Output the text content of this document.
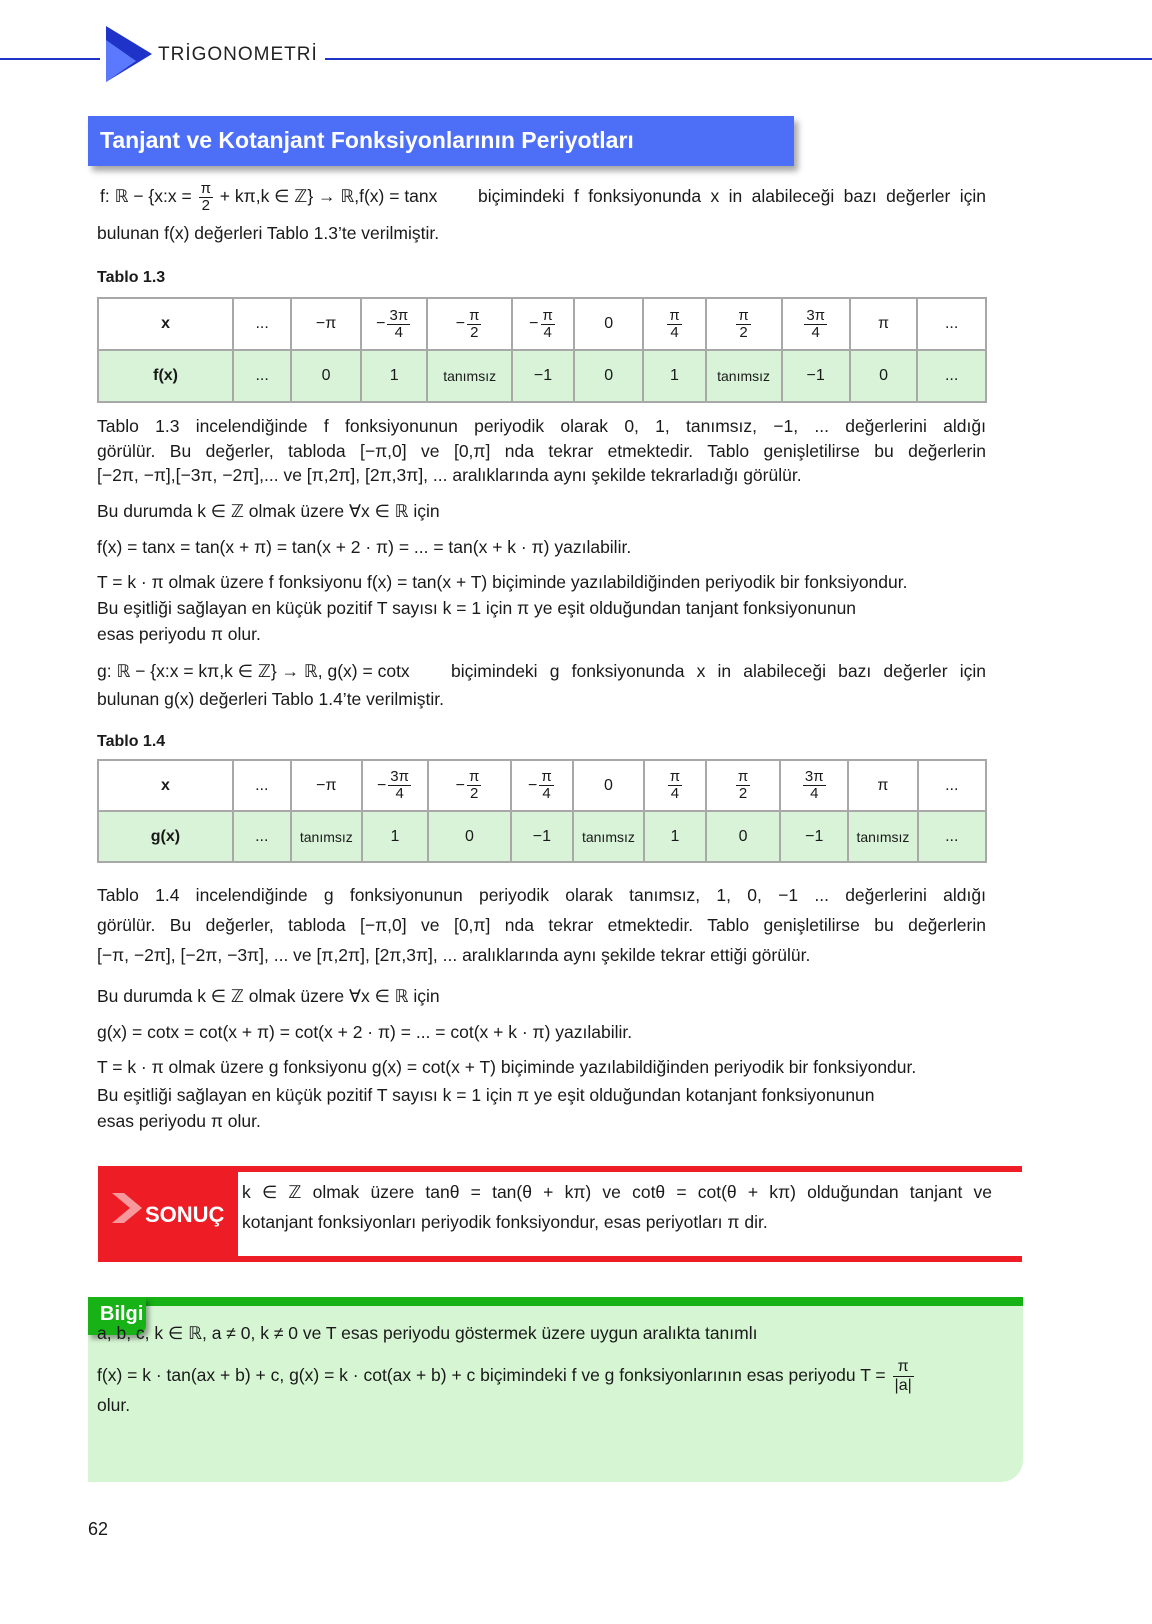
TRİGONOMETRİ
Tanjant ve Kotanjant Fonksiyonlarının Periyotları
f: ℝ − {x:x = $\frac{\pi}{2} + k\pi,k$ ∈ ℤ} → ℝ,f(x) = tanx biçimindeki f fonksiyonunda x in alabileceği bazı değerler için
bulunan f(x) değerleri Tablo 1.3’te verilmiştir.
Tablo 1.3
x	...	−π	− $\frac{3\pi}{4}$	− $\frac{\pi}{2}$	− $\frac{\pi}{4}$	0	$\frac{\pi}{4}$	$\frac{\pi}{2}$	$\frac{3\pi}{4}$	π	...
f(x)	...	0	1	tanımsız	−1	0	1	tanımsız	−1	0	...
Tablo 1.3 incelendiğinde f fonksiyonunun periyodik olarak 0, 1, tanımsız, −1, ... değerlerini aldığı
görülür. Bu değerler, tabloda [−π,0] ve [0,π] nda tekrar etmektedir. Tablo genişletilirse bu değerlerin
[−2π, −π],[−3π, −2π],... ve [π,2π], [2π,3π], ... aralıklarında aynı şekilde tekrarladığı görülür.
Bu durumda k ∈ ℤ olmak üzere ∀x ∈ ℝ için
f(x) = tanx = tan(x + π) = tan(x + 2 · π) = ... = tan(x + k · π) yazılabilir.
T = k · π olmak üzere f fonksiyonu f(x) = tan(x + T) biçiminde yazılabildiğinden periyodik bir fonksiyondur.
Bu eşitliği sağlayan en küçük pozitif T sayısı k = 1 için π ye eşit olduğundan tanjant fonksiyonunun
esas periyodu π olur.
g: ℝ − {x:x = kπ,k ∈ ℤ} → ℝ, g(x) = cotx biçimindeki g fonksiyonunda x in alabileceği bazı değerler için
bulunan g(x) değerleri Tablo 1.4’te verilmiştir.
Tablo 1.4
x	...	−π	− $\frac{3\pi}{4}$	− $\frac{\pi}{2}$	− $\frac{\pi}{4}$	0	$\frac{\pi}{4}$	$\frac{\pi}{2}$	$\frac{3\pi}{4}$	π	...
g(x)	...	tanımsız	1	0	−1	tanımsız	1	0	−1	tanımsız	...
Tablo 1.4 incelendiğinde g fonksiyonunun periyodik olarak tanımsız, 1, 0, −1 ... değerlerini aldığı
görülür. Bu değerler, tabloda [−π,0] ve [0,π] nda tekrar etmektedir. Tablo genişletilirse bu değerlerin
[−π, −2π], [−2π, −3π], ... ve [π,2π], [2π,3π], ... aralıklarında aynı şekilde tekrar ettiği görülür.
Bu durumda k ∈ ℤ olmak üzere ∀x ∈ ℝ için
g(x) = cotx = cot(x + π) = cot(x + 2 · π) = ... = cot(x + k · π) yazılabilir.
T = k · π olmak üzere g fonksiyonu g(x) = cot(x + T) biçiminde yazılabildiğinden periyodik bir fonksiyondur.
Bu eşitliği sağlayan en küçük pozitif T sayısı k = 1 için π ye eşit olduğundan kotanjant fonksiyonunun
esas periyodu π olur.
SONUÇ
k ∈ ℤ olmak üzere tanθ = tan(θ + kπ) ve cotθ = cot(θ + kπ) olduğundan tanjant ve
kotanjant fonksiyonları periyodik fonksiyondur, esas periyotları π dir.
Bilgi
a, b, c, k ∈ ℝ, a ≠ 0, k ≠ 0 ve T esas periyodu göstermek üzere uygun aralıkta tanımlı
f(x) = k · tan(ax + b) + c, g(x) = k · cot(ax + b) + c biçimindeki f ve g fonksiyonlarının esas periyodu $T = \frac{\pi}{|a|}$
olur.
62
